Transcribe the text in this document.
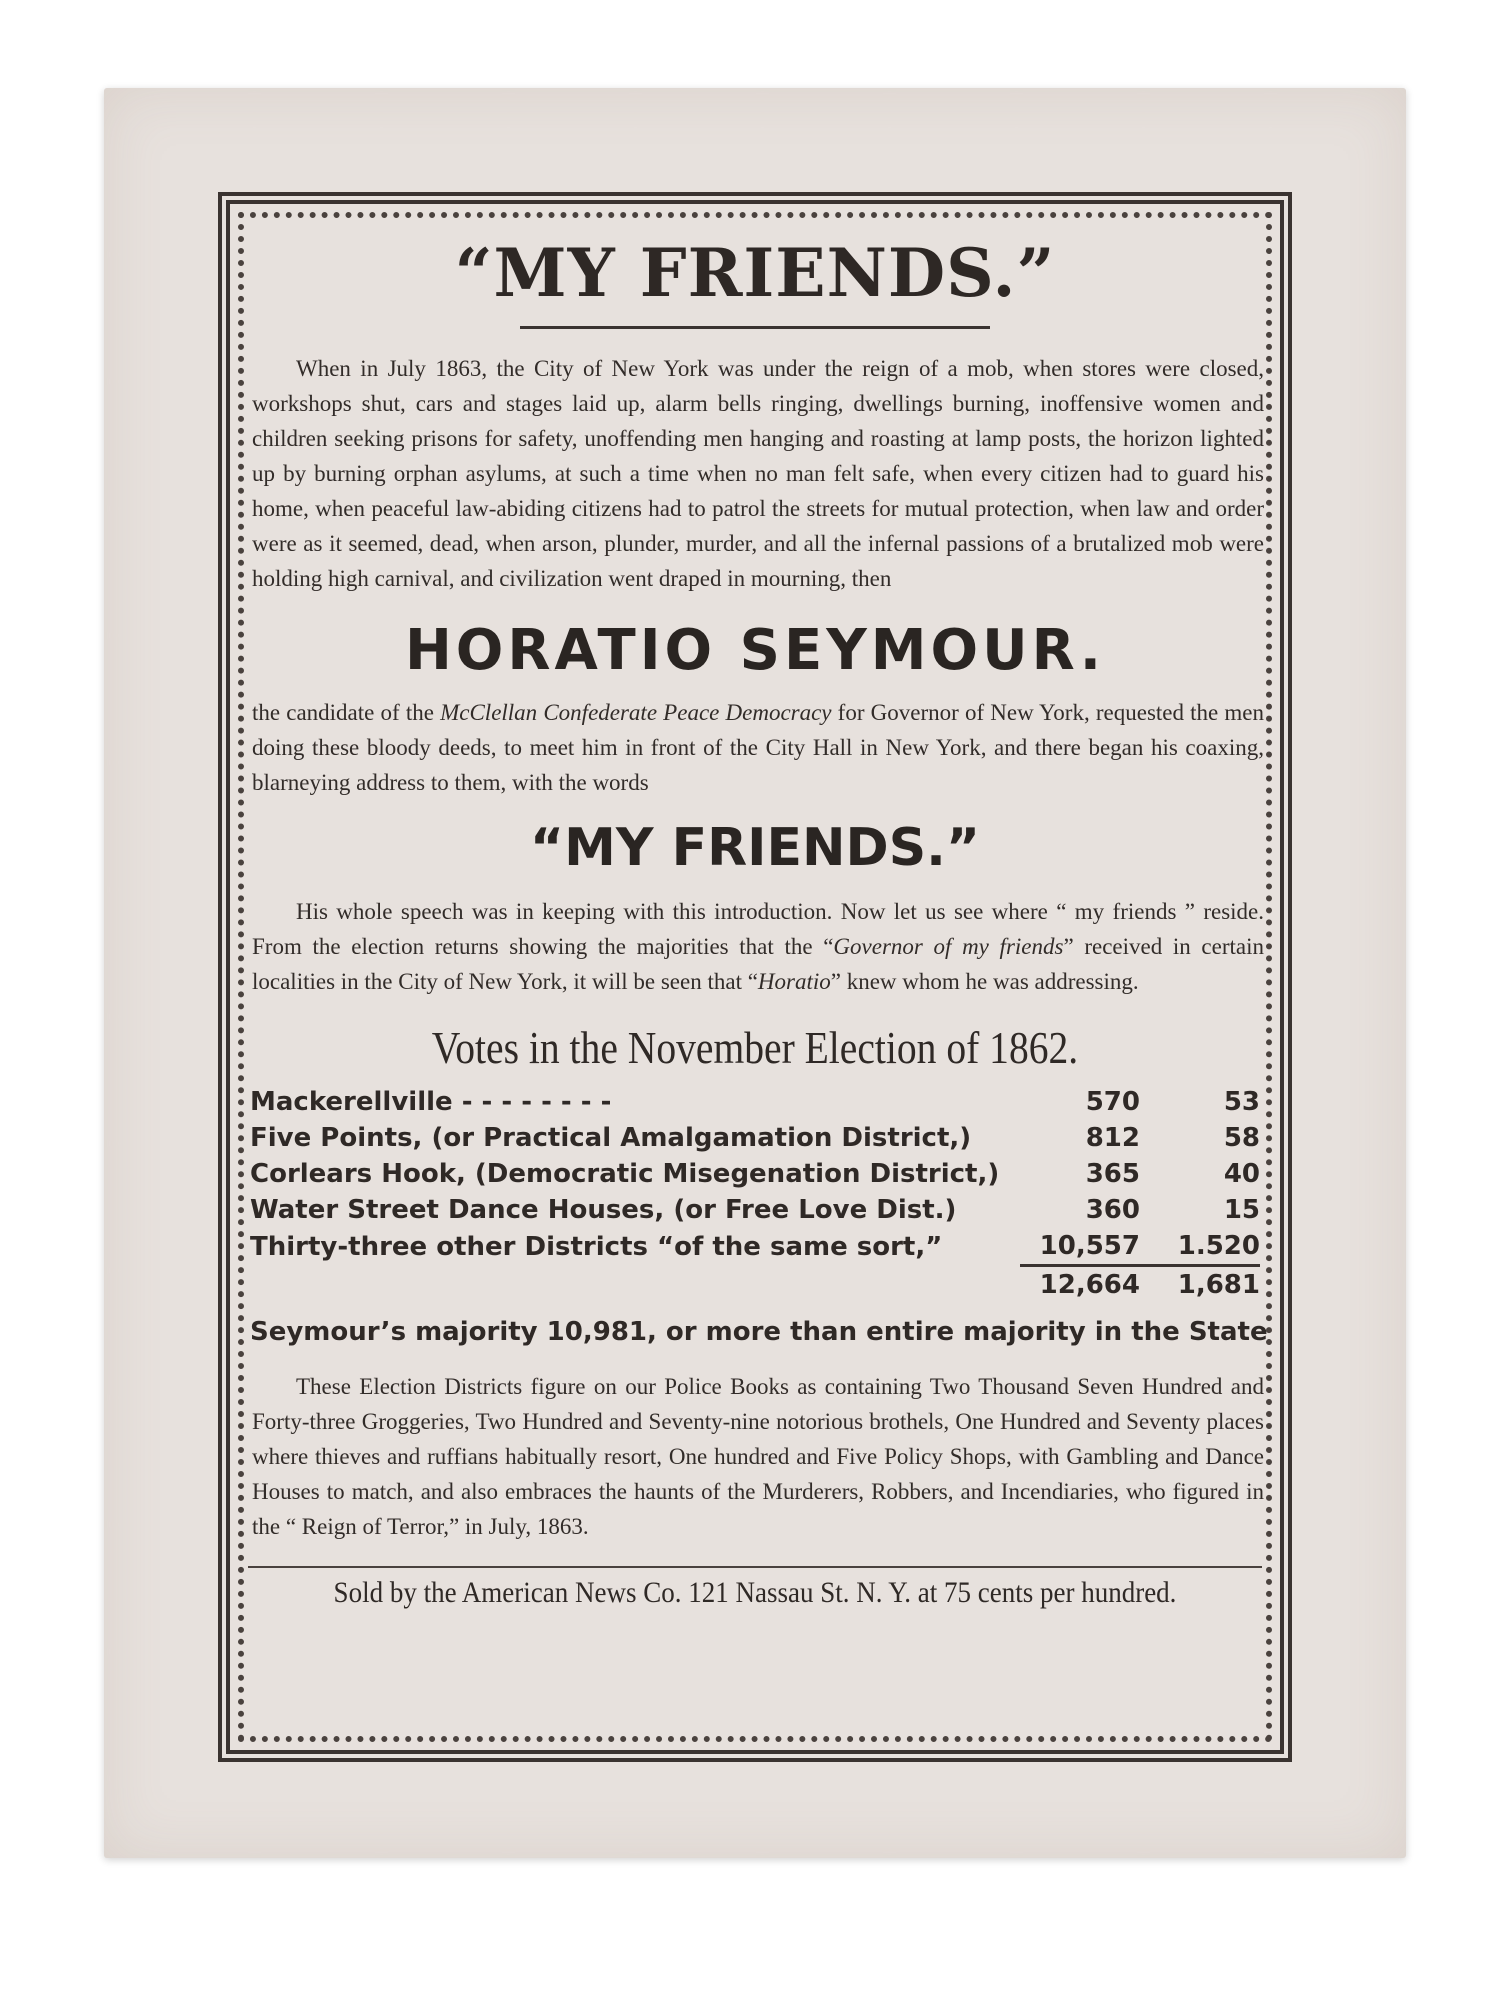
“MY FRIENDS.”

When in July 1863, the City of New York was under the reign of a mob, when stores were closed, workshops shut, cars and stages laid up, alarm bells ringing, dwellings burning, inoffensive women and children seeking prisons for safety, unoffending men hanging and roasting at lamp posts, the horizon lighted up by burning orphan asylums, at such a time when no man felt safe, when every citizen had to guard his home, when peaceful law-abiding citizens had to patrol the streets for mutual protection, when law and order were as it seemed, dead, when arson, plunder, murder, and all the infernal passions of a brutalized mob were holding high carnival, and civilization went draped in mourning, then

HORATIO SEYMOUR.

the candidate of the McClellan Confederate Peace Democracy for Governor of New York, requested the men doing these bloody deeds, to meet him in front of the City Hall in New York, and there began his coaxing, blarneying address to them, with the words

“MY FRIENDS.”

His whole speech was in keeping with this introduction. Now let us see where “ my friends ” reside. From the election returns showing the majorities that the “Governor of my friends” received in certain localities in the City of New York, it will be seen that “Horatio” knew whom he was addressing.

Votes in the November Election of 1862.
Mackerellville - - - - - - - -	570	53
Five Points, (or Practical Amalgamation District,)	812	58
Corlears Hook, (Democratic Misegenation District,)	365	40
Water Street Dance Houses, (or Free Love Dist.)	360	15
Thirty-three other Districts “of the same sort,”	10,557	1.520
	12,664	1,681
Seymour’s majority 10,981, or more than entire majority in the State

These Election Districts figure on our Police Books as containing Two Thousand Seven Hundred and Forty-three Groggeries, Two Hundred and Seventy-nine notorious brothels, One Hundred and Seventy places where thieves and ruffians habitually resort, One hundred and Five Policy Shops, with Gambling and Dance Houses to match, and also embraces the haunts of the Murderers, Robbers, and Incendiaries, who figured in the “ Reign of Terror,” in July, 1863.

Sold by the American News Co. 121 Nassau St. N. Y. at 75 cents per hundred.
